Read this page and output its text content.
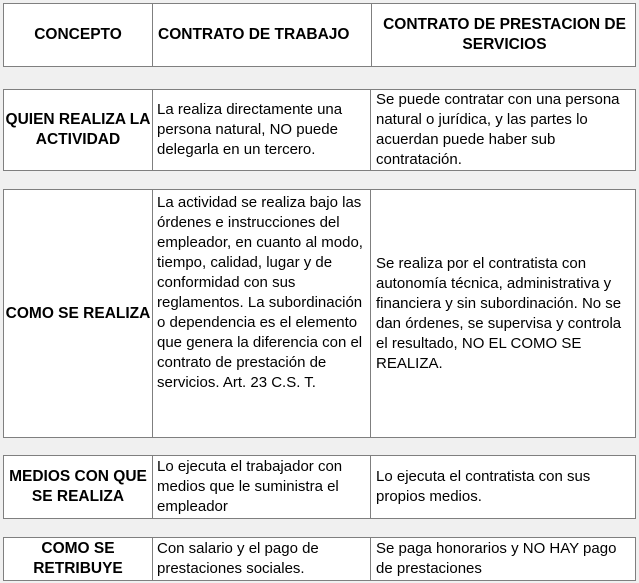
CONCEPTO	CONTRATO DE TRABAJO	CONTRATO DE PRESTACION DE SERVICIOS
QUIEN REALIZA LA ACTIVIDAD	La realiza directamente una persona natural, NO puede delegarla en un tercero.	Se puede contratar con una persona natural o jurídica, y las partes lo acuerdan puede haber sub contratación.
COMO SE REALIZA	La actividad se realiza bajo las órdenes e instrucciones del empleador, en cuanto al modo, tiempo, calidad, lugar y de conformidad con sus reglamentos. La subordinación o dependencia es el elemento que genera la diferencia con el contrato de prestación de servicios. Art. 23 C.S. T.	Se realiza por el contratista con autonomía técnica, administrativa y financiera y sin subordinación. No se dan órdenes, se supervisa y controla el resultado, NO EL COMO SE REALIZA.
MEDIOS CON QUE SE REALIZA	Lo ejecuta el trabajador con medios que le suministra el empleador	Lo ejecuta el contratista con sus propios medios.
COMO SE RETRIBUYE	Con salario y el pago de prestaciones sociales.	Se paga honorarios y NO HAY pago de prestaciones
